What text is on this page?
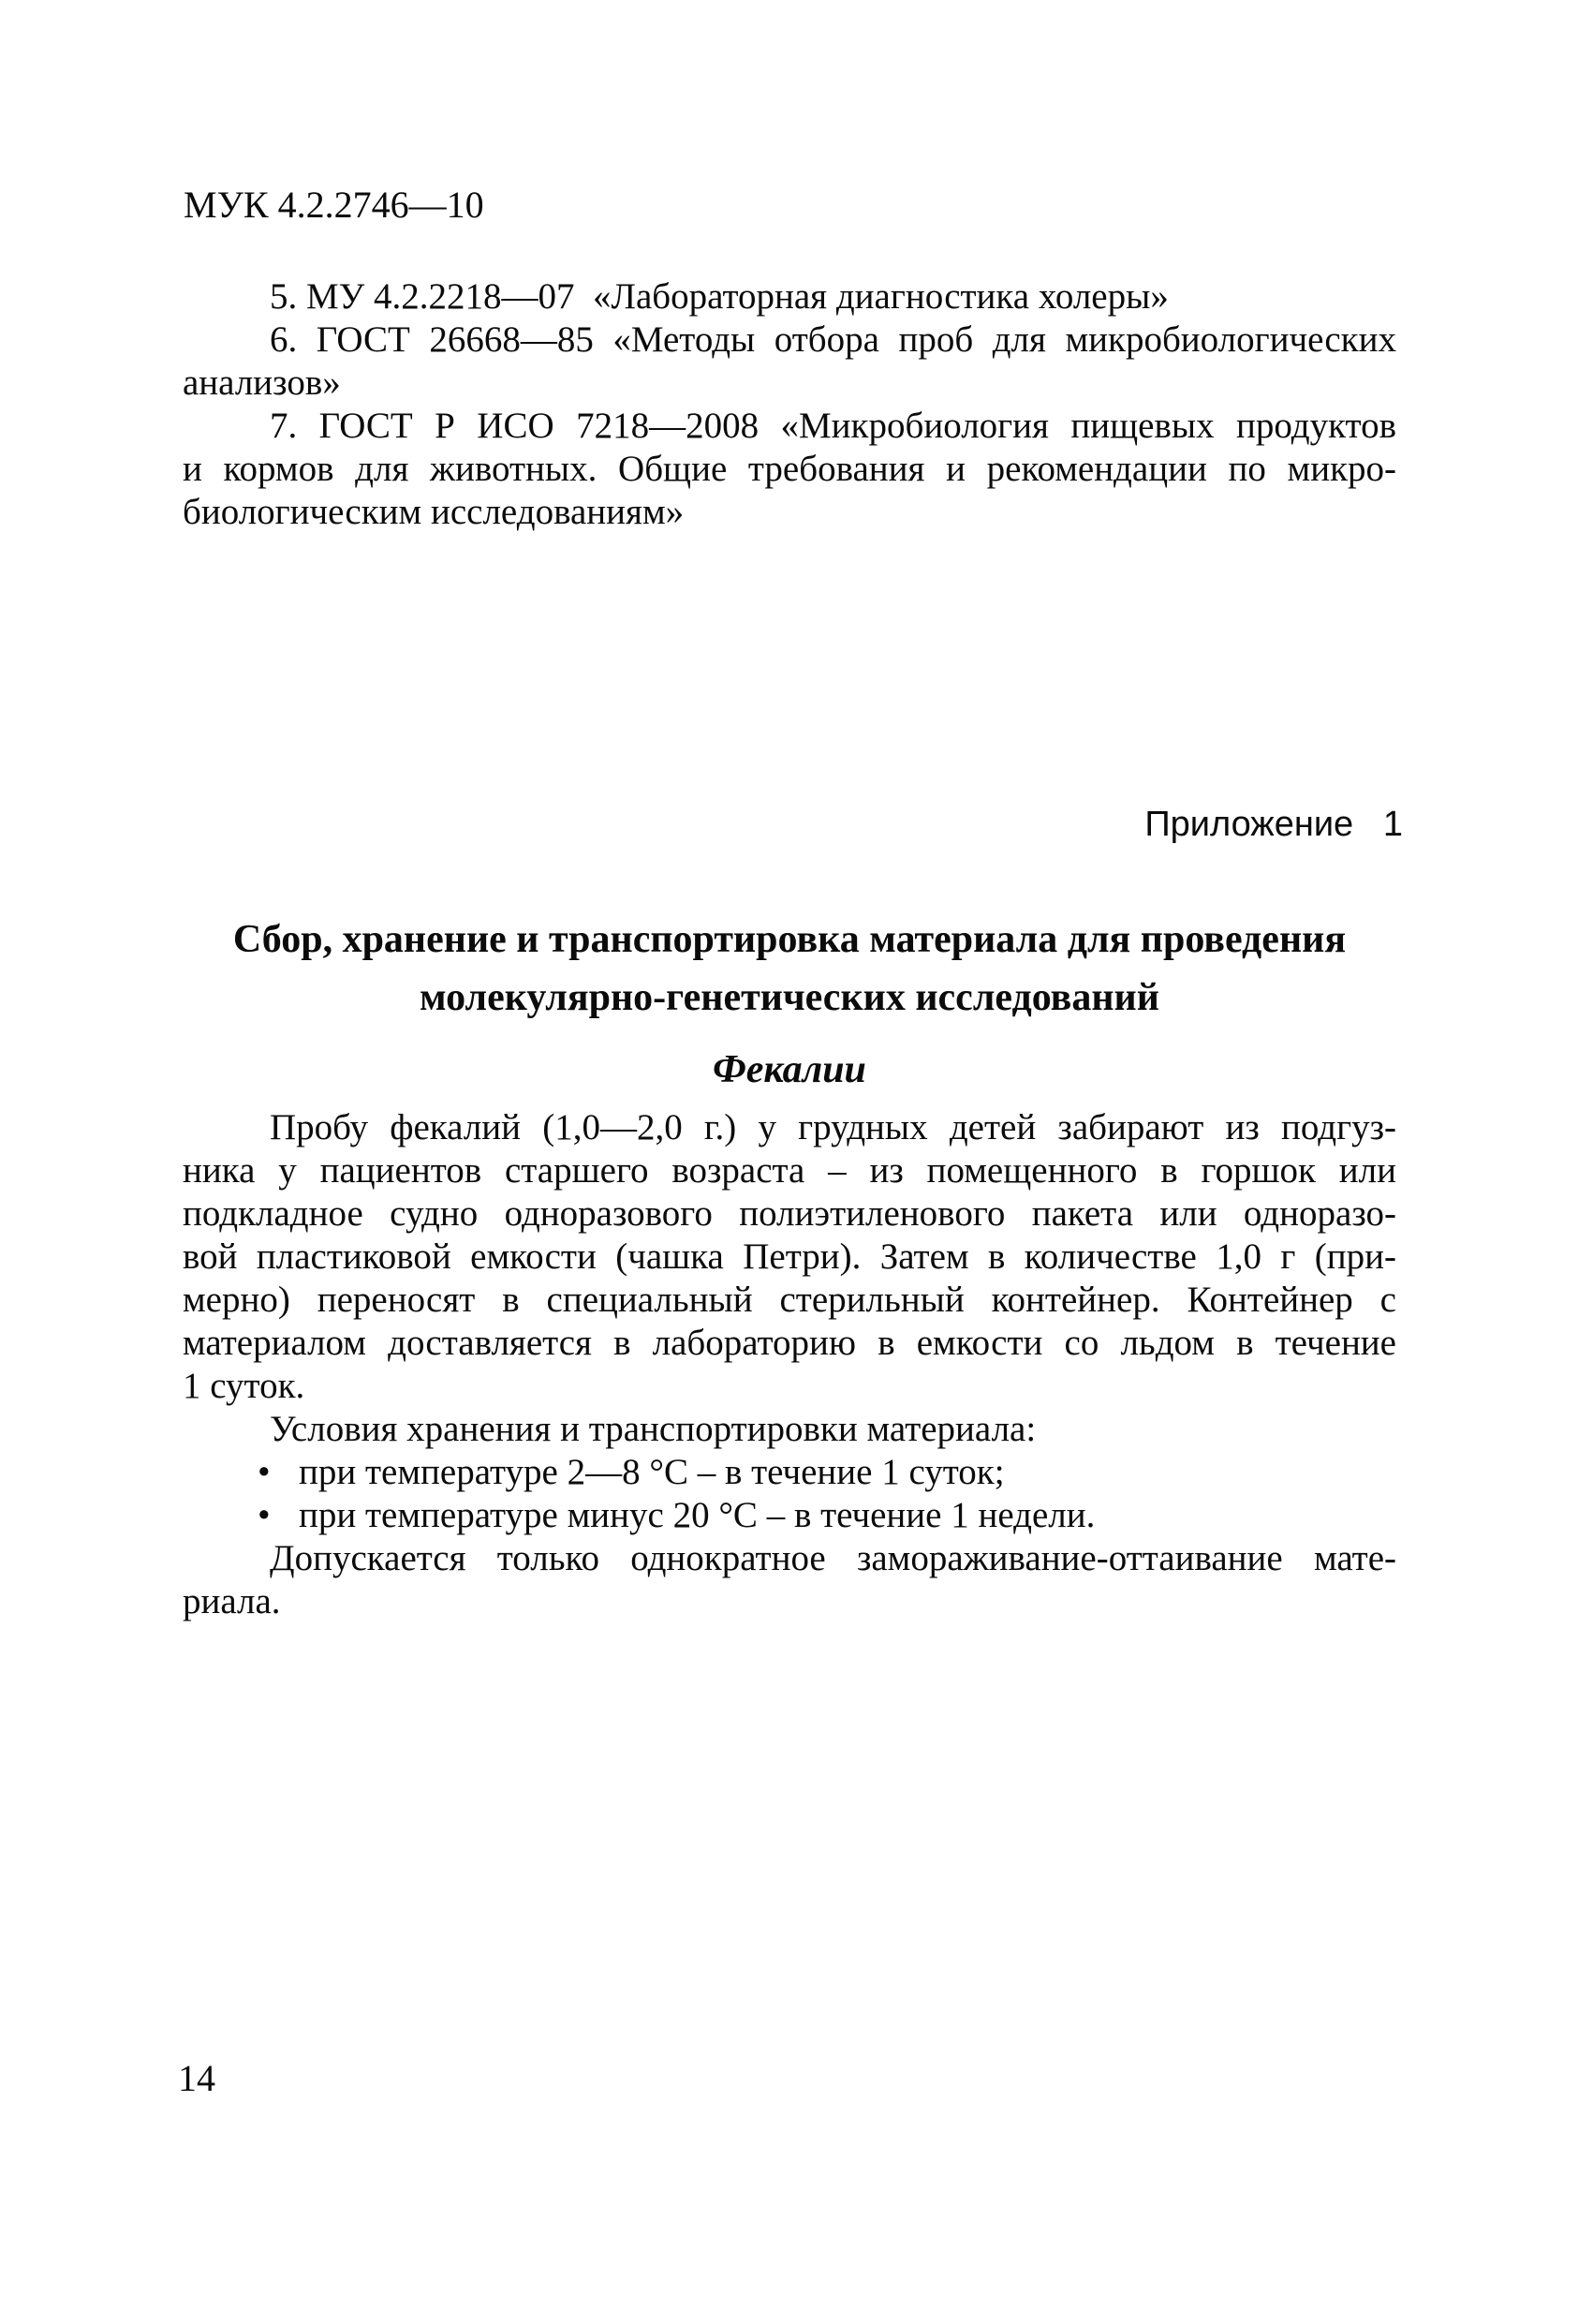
МУК 4.2.2746—10
5. МУ 4.2.2218—07  «Лабораторная диагностика холеры»
6. ГОСТ 26668—85 «Методы отбора проб для микробиологических
анализов»
7. ГОСТ Р ИСО 7218—2008 «Микробиология пищевых продуктов
и кормов для животных. Общие требования и рекомендации по микро-
биологическим исследованиям»
Приложение   1
Сбор, хранение и транспортировка материала для проведения
молекулярно-генетических исследований
Фекалии
Пробу фекалий (1,0—2,0 г.) у грудных детей забирают из подгуз-
ника у пациентов старшего возраста – из помещенного в горшок или
подкладное судно одноразового полиэтиленового пакета или одноразо-
вой пластиковой емкости (чашка Петри). Затем в количестве 1,0 г (при-
мерно) переносят в специальный стерильный контейнер. Контейнер с
материалом доставляется в лабораторию в емкости со льдом в течение
1 суток.
Условия хранения и транспортировки материала:
• при температуре 2—8 °С – в течение 1 суток;
• при температуре минус 20 °С – в течение 1 недели.
Допускается только однократное замораживание-оттаивание мате-
риала.
14
